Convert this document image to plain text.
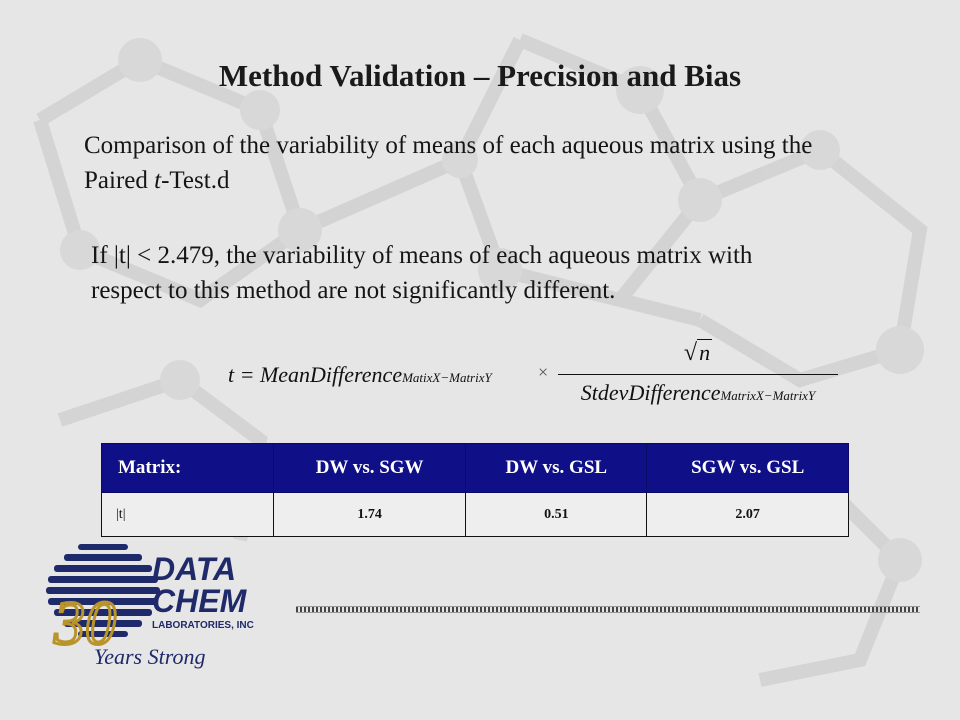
Method Validation – Precision and Bias
Comparison of the variability of means of each aqueous matrix using the Paired t-Test.d
If |t| < 2.479, the variability of means of each aqueous matrix with respect to this method are not significantly different.
t = MeanDifferenceMatixX−MatrixY	×
√n
StdevDifferenceMatrixX−MatrixY
Matrix:	DW vs. SGW	DW vs. GSL	SGW vs. GSL
|t|	1.74	0.51	2.07
DATA
CHEM
LABORATORIES, INC
30
Years Strong
